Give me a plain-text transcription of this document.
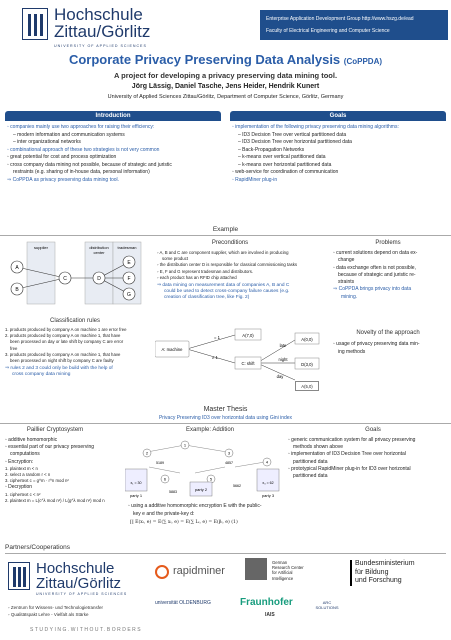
Hochschule
Zittau/Görlitz
UNIVERSITY OF APPLIED SCIENCES
Enterprise Application Development Group http://www.hszg.de/ead
Faculty of Electrical Engineering and Computer Science
Corporate Privacy Preserving Data Analysis (CoPPDA)
A project for developing a privacy preserving data mining tool.
Jörg Lässig, Daniel Tasche, Jens Heider, Hendrik Kunert
University of Applied Sciences Zittau/Görlitz, Department of Computer Science, Görlitz, Germany
Introduction
◦ companies mainly use two approaches for raising their efficiency:
– modern information and communication systems
– inter organizational networks
◦ combinational approach of these two strategies is not very common
◦ great potential for cost and process optimization
◦ cross company data mining not possible, because of strategic and juristic
restraints (e.g. sharing of in-house data, personal information)
⇒ CoPPDA as privacy preserving data mining tool.
Goals
◦ implementation of the following privacy preserving data mining algorithms:
– ID3 Decision Tree over vertical partitioned data
– ID3 Decision Tree over horizontal partitioned data
– Back-Propagation Networks
– k-means over vertical partitioned data
– k-means over horizontal partitioned data
◦ web-service for coordination of communication
◦ RapidMiner plug-in
Example
supplier	distribution
center
tradesman
A
B
C	D
E
F
G
Classification rules
1. products produced by company A on machine 1 are error free
2. products produced by company A on machine 1, that have
been processed on day or late shift by company C are error
free
3. products produced by company A on machine 1, that have
been processed on night shift by company C are faulty
⇒ rules 2 and 3 could only be build with the help of
cross company data mining
Preconditions
◦ A, B and C are component supplier, which are involved in producing
some product
◦ the distribution center D is responsible for classical commissioning tasks
◦ E, F and G represent tradesman and distributors.
◦ each product has an RFID chip attached
⇒ data mining on measurement data of companies A, B and C
could be used to detect cross-company failure causes (e.g.
creation of classification tree, like Fig. 2)
A: machine
= 1
≠ 1
A(7,0)
C: shift
late
night
day
A(0,0)
D(3,0)
A(5,0)
Problems
◦ current solutions depend on data ex-
change
◦ data exchange often is not possible,
because of strategic and juristic re-
straints
⇒ CoPPDA brings privacy into data
mining.
Novelty of the approach
◦ usage of privacy preserving data min-
ing methods
Master Thesis
Privacy Preserving ID3 over horizontal data using Gini index
Paillier Cryptosystem
◦ additive homomorphic
◦ essential part of our privacy preserving
computations
◦ Encryption:
1. plaintext m < n
2. select a random r < n
3. ciphertext c = g^m · r^n mod n²
◦ Decryption
1. ciphertext c < n²
2. plaintext m = L(c^λ mod n²) / L(g^λ mod n²) mod n
Example: Addition
1
2	3
4
5
6
x₁ = 30
5189	4857
x₃ = 62
5662
5883
party 1
party 2
party 3
◦ using a additive homomorphic encryption E with the public-
key e and the private-key d:
∏ E(xᵢ, e) = E(∑ xᵢ, e) = E(∑ Lᵢ, e) = E(βᵢ, e) (1)
Goals
◦ generic communication system for all privacy preserving
methods shown above
◦ implementation of ID3 Decision Tree over horizontal
partitioned data
◦ prototypical RapidMiner plug-in for ID3 over horizontal
partitioned data
Partners/Cooperations
Hochschule
Zittau/Görlitz
UNIVERSITY OF APPLIED SCIENCES
◦ Zentrum für Wissens- und Technologietransfer
◦ Qualitätspakt Lehre - Vielfalt als Stärke
STUDYING.WITHOUT.BORDERS
rapidminer
universität OLDENBURG
German
Research Center
for Artificial
Intelligence
Fraunhofer
IAIS
ARC SOLUTIONS
Bundesministerium
für Bildung
und Forschung
